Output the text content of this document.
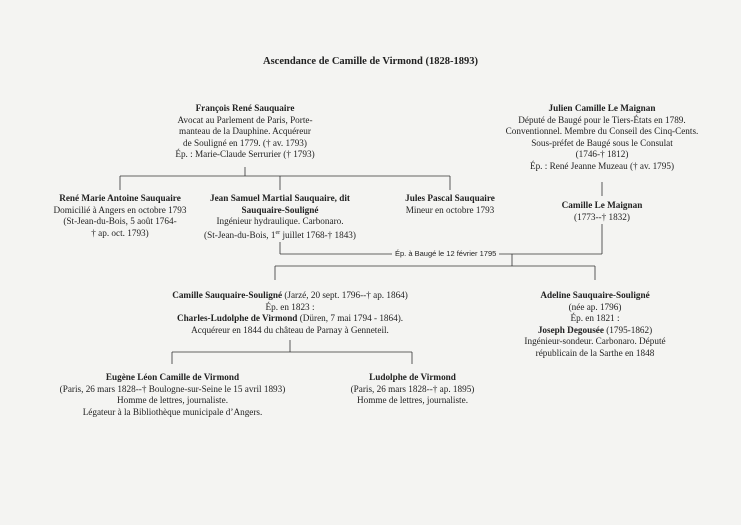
Ascendance de Camille de Virmond (1828-1893)
Ép. à Baugé le 12 février 1795
François René Sauquaire
Avocat au Parlement de Paris, Porte-
manteau de la Dauphine. Acquéreur
de Souligné en 1779. († av. 1793)
Ép. : Marie-Claude Serrurier († 1793)
Julien Camille Le Maignan
Député de Baugé pour le Tiers-États en 1789.
Conventionnel. Membre du Conseil des Cinq-Cents.
Sous-préfet de Baugé sous le Consulat
(1746-† 1812)
Ép. : René Jeanne Muzeau († av. 1795)
René Marie Antoine Sauquaire
Domicilié à Angers en octobre 1793
(St-Jean-du-Bois, 5 août 1764-
† ap. oct. 1793)
Jean Samuel Martial Sauquaire, dit
Sauquaire-Souligné
Ingénieur hydraulique. Carbonaro.
(St-Jean-du-Bois, 1er juillet 1768-† 1843)
Jules Pascal Sauquaire
Mineur en octobre 1793	Camille Le Maignan
(1773--† 1832)
Camille Sauquaire-Souligné (Jarzé, 20 sept. 1796--† ap. 1864)
Ép. en 1823 :
Charles-Ludolphe de Virmond (Düren, 7 mai 1794 - 1864).
Acquéreur en 1844 du château de Parnay à Genneteil.
Adeline Sauquaire-Souligné
(née ap. 1796)
Ép. en 1821 :
Joseph Degousée (1795-1862)
Ingénieur-sondeur. Carbonaro. Député
républicain de la Sarthe en 1848
Eugène Léon Camille de Virmond
(Paris, 26 mars 1828--† Boulogne-sur-Seine le 15 avril 1893)
Homme de lettres, journaliste.
Légateur à la Bibliothèque municipale d’Angers.
Ludolphe de Virmond
(Paris, 26 mars 1828--† ap. 1895)
Homme de lettres, journaliste.
